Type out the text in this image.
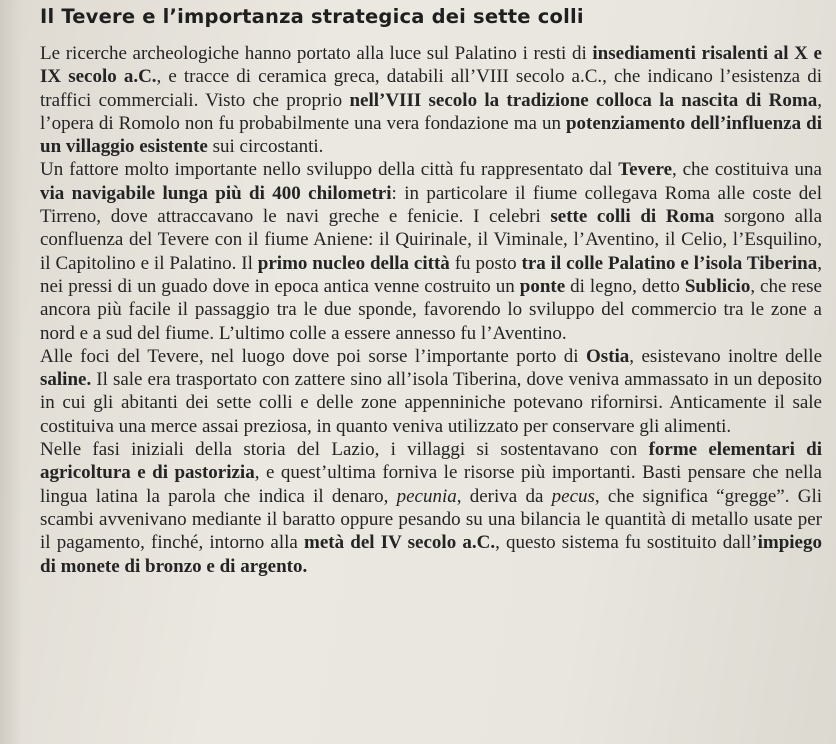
Il Tevere e l’importanza strategica dei sette colli

Le ricerche archeologiche hanno portato alla luce sul Palatino i resti di insediamenti risalenti al X e IX secolo a.C., e tracce di ceramica greca, databili all’VIII secolo a.C., che indicano l’esistenza di traffici commerciali. Visto che proprio nell’VIII secolo la tradizione colloca la nascita di Roma, l’opera di Romolo non fu probabilmente una vera fondazione ma un potenziamento dell’influenza di un villaggio esistente sui circostanti.

Un fattore molto importante nello sviluppo della città fu rappresentato dal Tevere, che costituiva una via navigabile lunga più di 400 chilometri: in particolare il fiume collegava Roma alle coste del Tirreno, dove attraccavano le navi greche e fenicie. I celebri sette colli di Roma sorgono alla confluenza del Tevere con il fiume Aniene: il Quirinale, il Viminale, l’Aventino, il Celio, l’Esquilino, il Capitolino e il Palatino. Il primo nucleo della città fu posto tra il colle Palatino e l’isola Tiberina, nei pressi di un guado dove in epoca antica venne costruito un ponte di legno, detto Sublicio, che rese ancora più facile il passaggio tra le due sponde, favorendo lo sviluppo del commercio tra le zone a nord e a sud del fiume. L’ultimo colle a essere annesso fu l’Aventino.

Alle foci del Tevere, nel luogo dove poi sorse l’importante porto di Ostia, esistevano inoltre delle saline. Il sale era trasportato con zattere sino all’isola Tiberina, dove veniva ammassato in un deposito in cui gli abitanti dei sette colli e delle zone appenniniche potevano rifornirsi. Anticamente il sale costituiva una merce assai preziosa, in quanto veniva utilizzato per conservare gli alimenti.

Nelle fasi iniziali della storia del Lazio, i villaggi si sostentavano con forme elementari di agricoltura e di pastorizia, e quest’ultima forniva le risorse più importanti. Basti pensare che nella lingua latina la parola che indica il denaro, pecunia, deriva da pecus, che significa “gregge”. Gli scambi avvenivano mediante il baratto oppure pesando su una bilancia le quantità di metallo usate per il pagamento, finché, intorno alla metà del IV secolo a.C., questo sistema fu sostituito dall’impiego di monete di bronzo e di argento.
